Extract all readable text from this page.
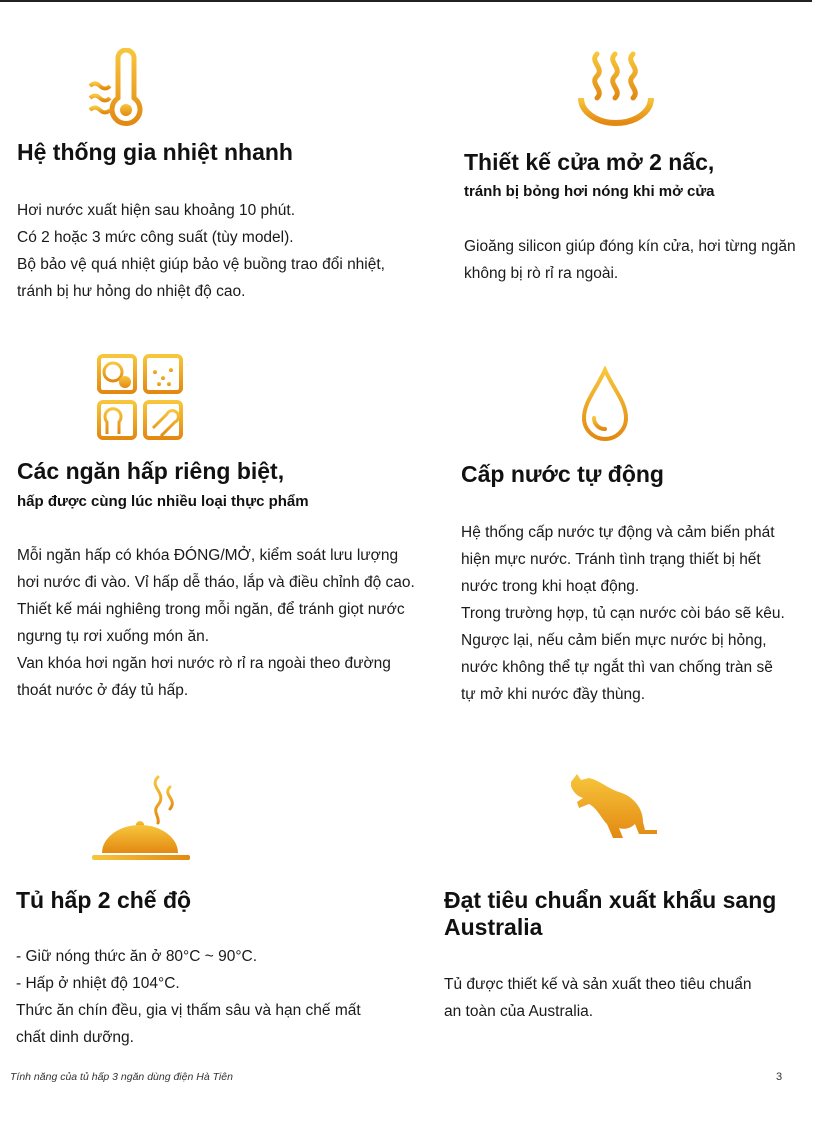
Hệ thống gia nhiệt nhanh
Hơi nước xuất hiện sau khoảng 10 phút.
Có 2 hoặc 3 mức công suất (tùy model).
Bộ bảo vệ quá nhiệt giúp bảo vệ buồng trao đổi nhiệt,
tránh bị hư hỏng do nhiệt độ cao.
Thiết kế cửa mở 2 nấc,
tránh bị bỏng hơi nóng khi mở cửa
Gioăng silicon giúp đóng kín cửa, hơi từng ngăn
không bị rò rỉ ra ngoài.
Các ngăn hấp riêng biệt,
hấp được cùng lúc nhiều loại thực phẩm
Mỗi ngăn hấp có khóa ĐÓNG/MỞ, kiểm soát lưu lượng
hơi nước đi vào. Vỉ hấp dễ tháo, lắp và điều chỉnh độ cao.
Thiết kế mái nghiêng trong mỗi ngăn, để tránh giọt nước
ngưng tụ rơi xuống món ăn.
Van khóa hơi ngăn hơi nước rò rỉ ra ngoài theo đường
thoát nước ở đáy tủ hấp.
Cấp nước tự động
Hệ thống cấp nước tự động và cảm biến phát
hiện mực nước. Tránh tình trạng thiết bị hết
nước trong khi hoạt động.
Trong trường hợp, tủ cạn nước còi báo sẽ kêu.
Ngược lại, nếu cảm biến mực nước bị hỏng,
nước không thể tự ngắt thì van chống tràn sẽ
tự mở khi nước đầy thùng.
Tủ hấp 2 chế độ
- Giữ nóng thức ăn ở 80°C ~ 90°C.
- Hấp ở nhiệt độ 104°C.
Thức ăn chín đều, gia vị thấm sâu và hạn chế mất
chất dinh dưỡng.
Đạt tiêu chuẩn xuất khẩu sang
Australia
Tủ được thiết kế và sản xuất theo tiêu chuẩn
an toàn của Australia.
Tính năng của tủ hấp 3 ngăn dùng điện Hà Tiên	3
